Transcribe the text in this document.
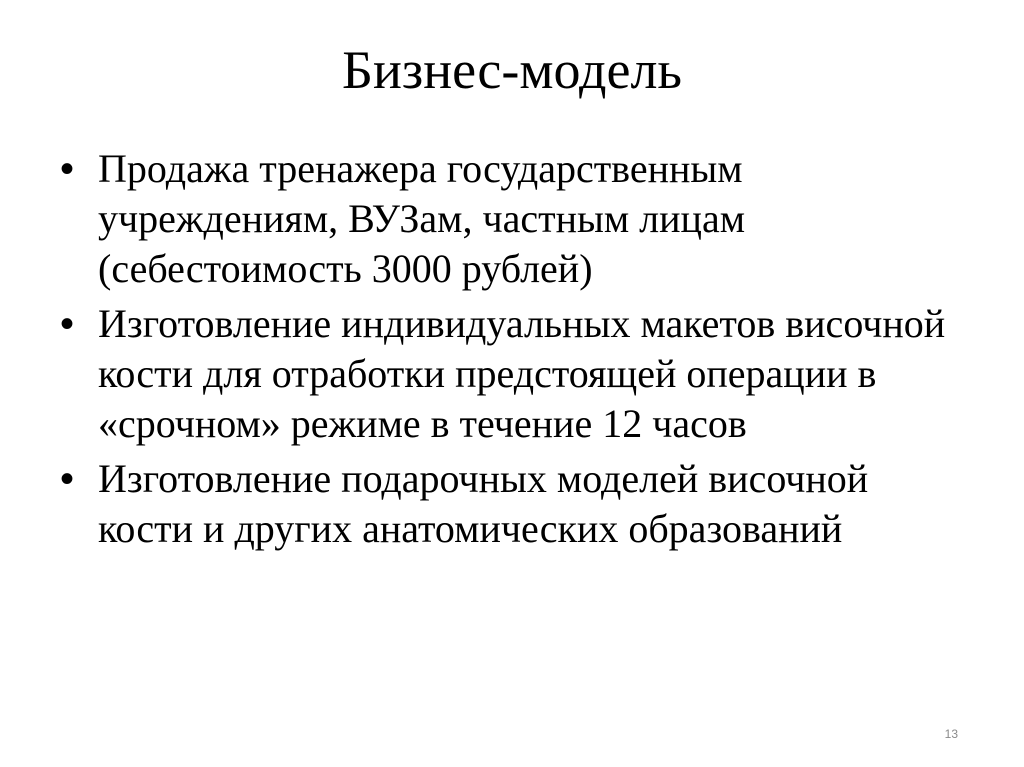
Бизнес-модель
• Продажа тренажера государственным учреждениям, ВУЗам, частным лицам (себестоимость 3000 рублей)
• Изготовление индивидуальных макетов височной кости для отработки предстоящей операции в «срочном» режиме в течение 12 часов
• Изготовление подарочных моделей височной кости и других анатомических образований
13
